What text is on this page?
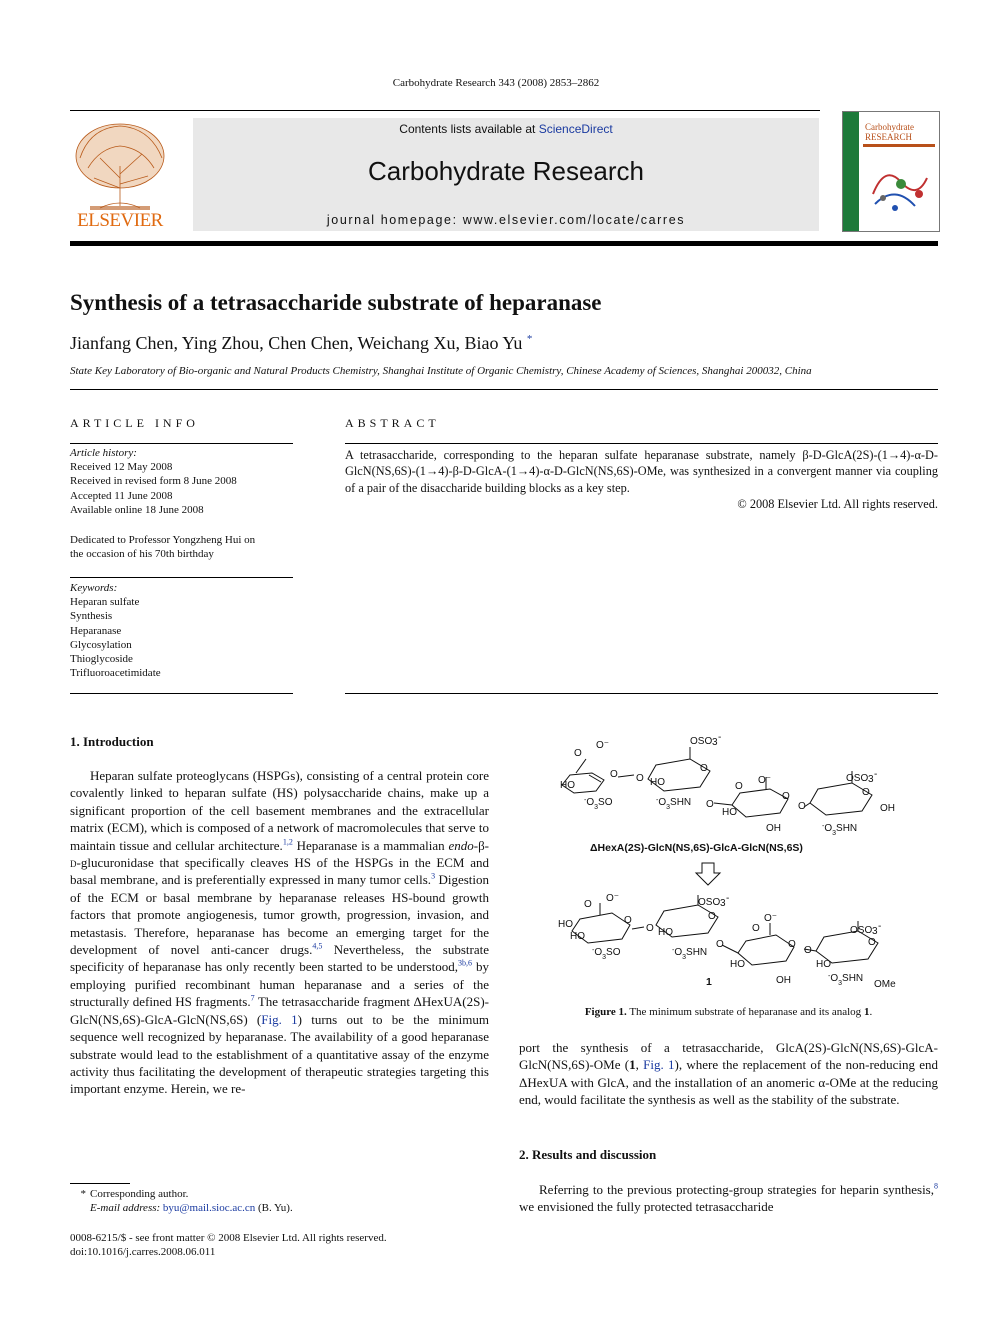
Carbohydrate Research 343 (2008) 2853–2862
ELSEVIER
Contents lists available at ScienceDirect
Carbohydrate Research
journal homepage: www.elsevier.com/locate/carres
Carbohydrate
RESEARCH
Synthesis of a tetrasaccharide substrate of heparanase
Jianfang Chen, Ying Zhou, Chen Chen, Weichang Xu, Biao Yu *
State Key Laboratory of Bio-organic and Natural Products Chemistry, Shanghai Institute of Organic Chemistry, Chinese Academy of Sciences, Shanghai 200032, China
ARTICLE INFO	ABSTRACT
Article history:
Received 12 May 2008
Received in revised form 8 June 2008
Accepted 11 June 2008
Available online 18 June 2008
Dedicated to Professor Yongzheng Hui on
the occasion of his 70th birthday
Keywords:
Heparan sulfate
Synthesis
Heparanase
Glycosylation
Thioglycoside
Trifluoroacetimidate
A tetrasaccharide, corresponding to the heparan sulfate heparanase substrate, namely β-D-GlcA(2S)-(1→4)-α-D-GlcN(NS,6S)-(1→4)-β-D-GlcA-(1→4)-α-D-GlcN(NS,6S)-OMe, was synthesized in a convergent manner via coupling of a pair of the disaccharide building blocks as a key step.
© 2008 Elsevier Ltd. All rights reserved.
1. Introduction

Heparan sulfate proteoglycans (HSPGs), consisting of a central protein core covalently linked to heparan sulfate (HS) polysaccharide chains, make up a significant proportion of the cell basement membranes and the extracellular matrix (ECM), which is composed of a network of macromolecules that serve to maintain tissue and cellular architecture.$^{1,2}$ Heparanase is a mammalian endo-β-d-glucuronidase that specifically cleaves HS of the HSPGs in the ECM and basal membrane, and is preferentially expressed in many tumor cells.$^3$ Digestion of the ECM or basal membrane by heparanase releases HS-bound growth factors that promote angiogenesis, tumor growth, progression, invasion, and metastasis. Therefore, heparanase has become an emerging target for the development of novel anti-cancer drugs.$^{4,5}$ Nevertheless, the substrate specificity of heparanase has only recently been started to be understood,$^{3b,6}$ by employing purified recombinant human heparanase and a series of the structurally defined HS fragments.$^7$ The tetrasaccharide fragment ΔHexUA(2S)-GlcN(NS,6S)-GlcA-GlcN(NS,6S) (Fig. 1) turns out to be the minimum sequence well recognized by heparanase. The availability of a good heparanase substrate would lead to the establishment of a quantitative assay of the enzyme activity thus facilitating the development of therapeutic strategies targeting this important enzyme. Herein, we re-

O
O⁻
O
HO
$^-O_3SO$
O
OSO 3 -
O
HO
$^-O_3SHN$ O
O
O⁻
O
HO
OH
O
OSO 3 -
O
OH
$^-O_3SHN$
ΔHexA(2S)-GlcN(NS,6S)-GlcA-GlcN(NS,6S)
O
O⁻
O
HO
HO
$^-O_3SO$
O
OSO 3 -
O
HO
$^-O_3SHN$
O
O
O⁻
O
HO
OH
O
OSO 3 -
O
HO
$^-O_3SHN$
OMe
1
Figure 1. The minimum substrate of heparanase and its analog 1.

port the synthesis of a tetrasaccharide, GlcA(2S)-GlcN(NS,6S)-GlcA-GlcN(NS,6S)-OMe (1, Fig. 1), where the replacement of the non-reducing end ΔHexUA with GlcA, and the installation of an anomeric α-OMe at the reducing end, would facilitate the synthesis as well as the stability of the substrate.

2. Results and discussion

Referring to the previous protecting-group strategies for heparin synthesis,$^8$ we envisioned the fully protected tetrasaccharide

* Corresponding author.
E-mail address: byu@mail.sioc.ac.cn (B. Yu).
0008-6215/$ - see front matter © 2008 Elsevier Ltd. All rights reserved.
doi:10.1016/j.carres.2008.06.011
